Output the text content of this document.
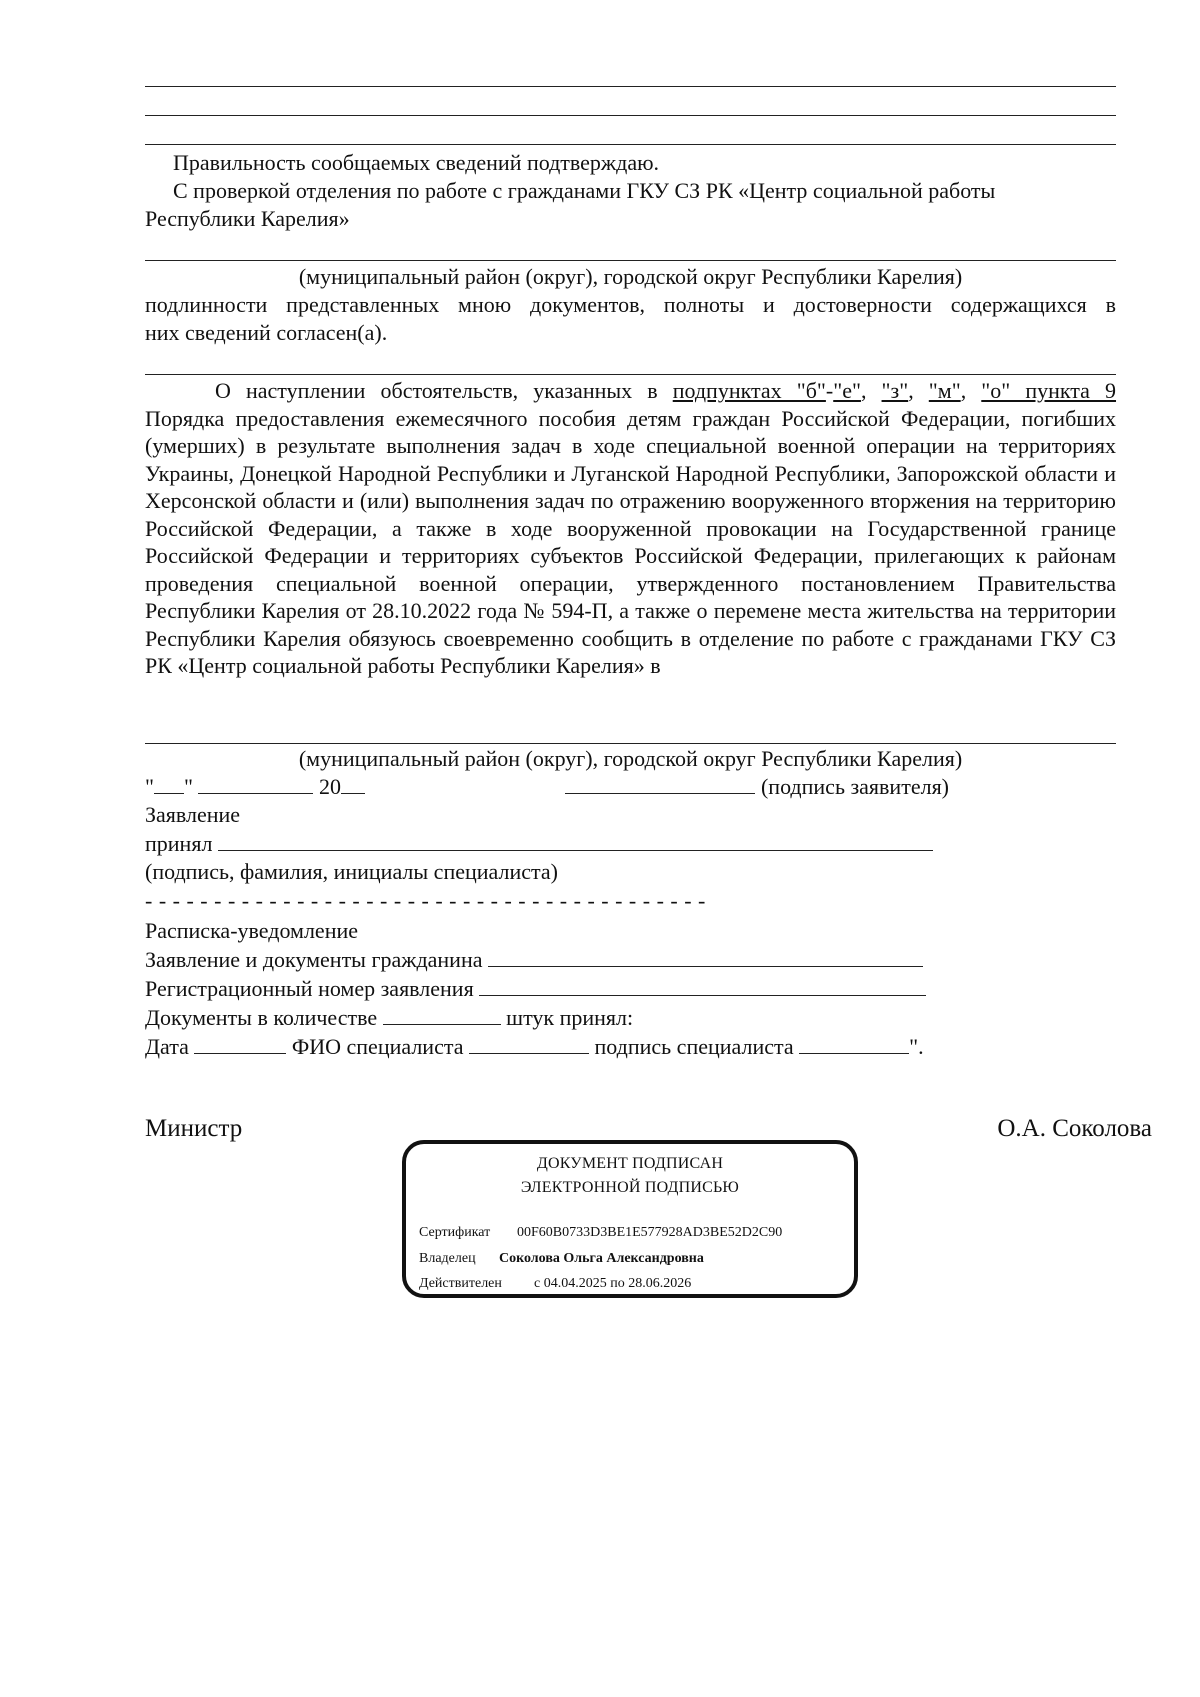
Правильность сообщаемых сведений подтверждаю.
С проверкой отделения по работе с гражданами ГКУ СЗ РК «Центр социальной работы
Республики Карелия»
(муниципальный район (округ), городской округ Республики Карелия)
подлинности представленных мною документов, полноты и достоверности содержащихся в
них сведений согласен(а).
О наступлении обстоятельств, указанных в подпунктах "б"-"е", "з", "м", "о" пункта 9
Порядка предоставления ежемесячного пособия детям граждан Российской Федерации, погибших (умерших) в результате выполнения задач в ходе специальной военной операции на территориях Украины, Донецкой Народной Республики и Луганской Народной Республики, Запорожской области и Херсонской области и (или) выполнения задач по отражению вооруженного вторжения на территорию Российской Федерации, а также в ходе вооруженной провокации на Государственной границе Российской Федерации и территориях субъектов Российской Федерации, прилегающих к районам проведения специальной военной операции, утвержденного постановлением Правительства Республики Карелия от 28.10.2022 года № 594-П, а также о перемене места жительства на территории Республики Карелия обязуюсь своевременно сообщить в отделение по работе с гражданами ГКУ СЗ РК «Центр социальной работы Республики Карелия» в
(муниципальный район (округ), городской округ Республики Карелия)
" "	20	(подпись заявителя)
Заявление
принял
(подпись, фамилия, инициалы специалиста)
- - - - - - - - - - - - - - - - - - - - - - - - - - - - - - - - - - - - - - - - -
Расписка-уведомление
Заявление и документы гражданина
Регистрационный номер заявления
Документы в количестве	штук принял:
Дата	ФИО специалиста	подпись специалиста	".
Министр	О.А. Соколова
ДОКУМЕНТ ПОДПИСАН
ЭЛЕКТРОННОЙ ПОДПИСЬЮ
Сертификат 00F60B0733D3BE1E577928AD3BE52D2C90
Владелец Соколова Ольга Александровна
Действителен с 04.04.2025 по 28.06.2026
